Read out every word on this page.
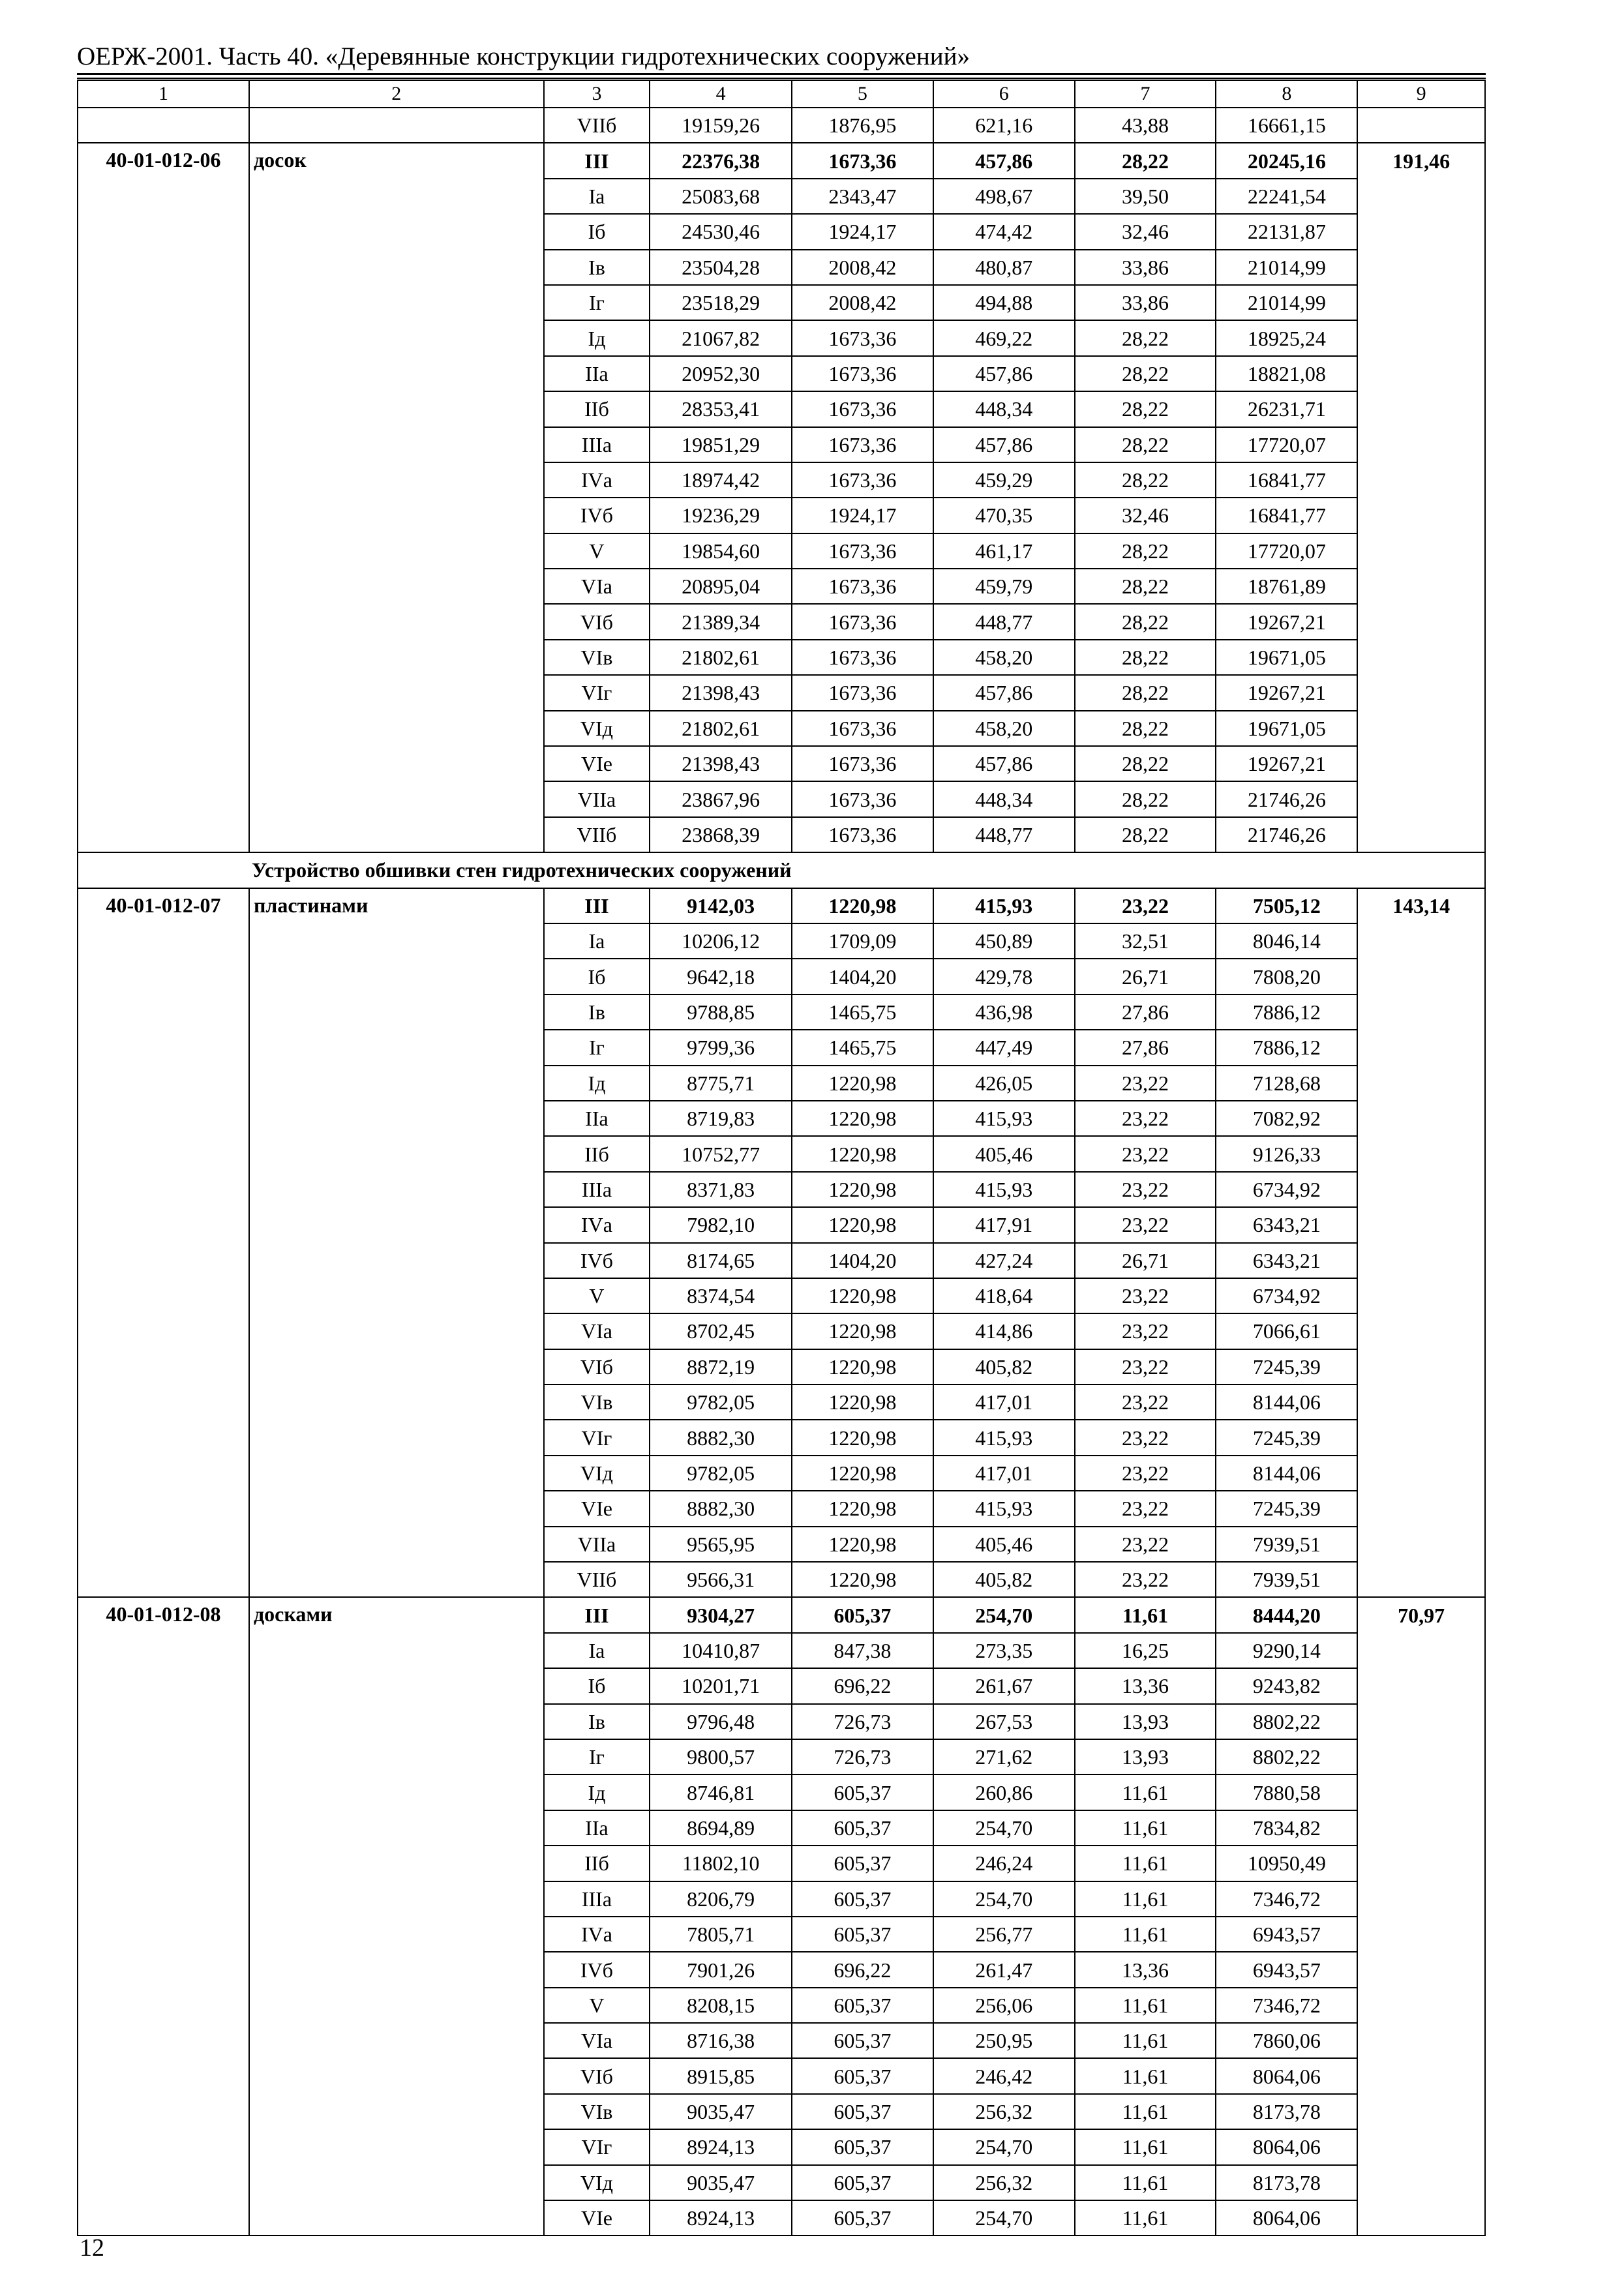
ОЕРЖ-2001. Часть 40. «Деревянные конструкции гидротехнических сооружений»
1	2	3	4	5	6	7	8	9
		VIIб	19159,26	1876,95	621,16	43,88	16661,15	
40-01-012-06	досок	III	22376,38	1673,36	457,86	28,22	20245,16	191,46
		Iа	25083,68	2343,47	498,67	39,50	22241,54	
		Iб	24530,46	1924,17	474,42	32,46	22131,87	
		Iв	23504,28	2008,42	480,87	33,86	21014,99	
		Iг	23518,29	2008,42	494,88	33,86	21014,99	
		Iд	21067,82	1673,36	469,22	28,22	18925,24	
		IIа	20952,30	1673,36	457,86	28,22	18821,08	
		IIб	28353,41	1673,36	448,34	28,22	26231,71	
		IIIа	19851,29	1673,36	457,86	28,22	17720,07	
		IVа	18974,42	1673,36	459,29	28,22	16841,77	
		IVб	19236,29	1924,17	470,35	32,46	16841,77	
		V	19854,60	1673,36	461,17	28,22	17720,07	
		VIа	20895,04	1673,36	459,79	28,22	18761,89	
		VIб	21389,34	1673,36	448,77	28,22	19267,21	
		VIв	21802,61	1673,36	458,20	28,22	19671,05	
		VIг	21398,43	1673,36	457,86	28,22	19267,21	
		VIд	21802,61	1673,36	458,20	28,22	19671,05	
		VIе	21398,43	1673,36	457,86	28,22	19267,21	
		VIIа	23867,96	1673,36	448,34	28,22	21746,26	
		VIIб	23868,39	1673,36	448,77	28,22	21746,26	
Устройство обшивки стен гидротехнических сооружений								
40-01-012-07	пластинами	III	9142,03	1220,98	415,93	23,22	7505,12	143,14
		Iа	10206,12	1709,09	450,89	32,51	8046,14	
		Iб	9642,18	1404,20	429,78	26,71	7808,20	
		Iв	9788,85	1465,75	436,98	27,86	7886,12	
		Iг	9799,36	1465,75	447,49	27,86	7886,12	
		Iд	8775,71	1220,98	426,05	23,22	7128,68	
		IIа	8719,83	1220,98	415,93	23,22	7082,92	
		IIб	10752,77	1220,98	405,46	23,22	9126,33	
		IIIа	8371,83	1220,98	415,93	23,22	6734,92	
		IVа	7982,10	1220,98	417,91	23,22	6343,21	
		IVб	8174,65	1404,20	427,24	26,71	6343,21	
		V	8374,54	1220,98	418,64	23,22	6734,92	
		VIа	8702,45	1220,98	414,86	23,22	7066,61	
		VIб	8872,19	1220,98	405,82	23,22	7245,39	
		VIв	9782,05	1220,98	417,01	23,22	8144,06	
		VIг	8882,30	1220,98	415,93	23,22	7245,39	
		VIд	9782,05	1220,98	417,01	23,22	8144,06	
		VIе	8882,30	1220,98	415,93	23,22	7245,39	
		VIIа	9565,95	1220,98	405,46	23,22	7939,51	
		VIIб	9566,31	1220,98	405,82	23,22	7939,51	
40-01-012-08	досками	III	9304,27	605,37	254,70	11,61	8444,20	70,97
		Iа	10410,87	847,38	273,35	16,25	9290,14	
		Iб	10201,71	696,22	261,67	13,36	9243,82	
		Iв	9796,48	726,73	267,53	13,93	8802,22	
		Iг	9800,57	726,73	271,62	13,93	8802,22	
		Iд	8746,81	605,37	260,86	11,61	7880,58	
		IIа	8694,89	605,37	254,70	11,61	7834,82	
		IIб	11802,10	605,37	246,24	11,61	10950,49	
		IIIа	8206,79	605,37	254,70	11,61	7346,72	
		IVа	7805,71	605,37	256,77	11,61	6943,57	
		IVб	7901,26	696,22	261,47	13,36	6943,57	
		V	8208,15	605,37	256,06	11,61	7346,72	
		VIа	8716,38	605,37	250,95	11,61	7860,06	
		VIб	8915,85	605,37	246,42	11,61	8064,06	
		VIв	9035,47	605,37	256,32	11,61	8173,78	
		VIг	8924,13	605,37	254,70	11,61	8064,06	
		VIд	9035,47	605,37	256,32	11,61	8173,78	
		VIе	8924,13	605,37	254,70	11,61	8064,06	
12
